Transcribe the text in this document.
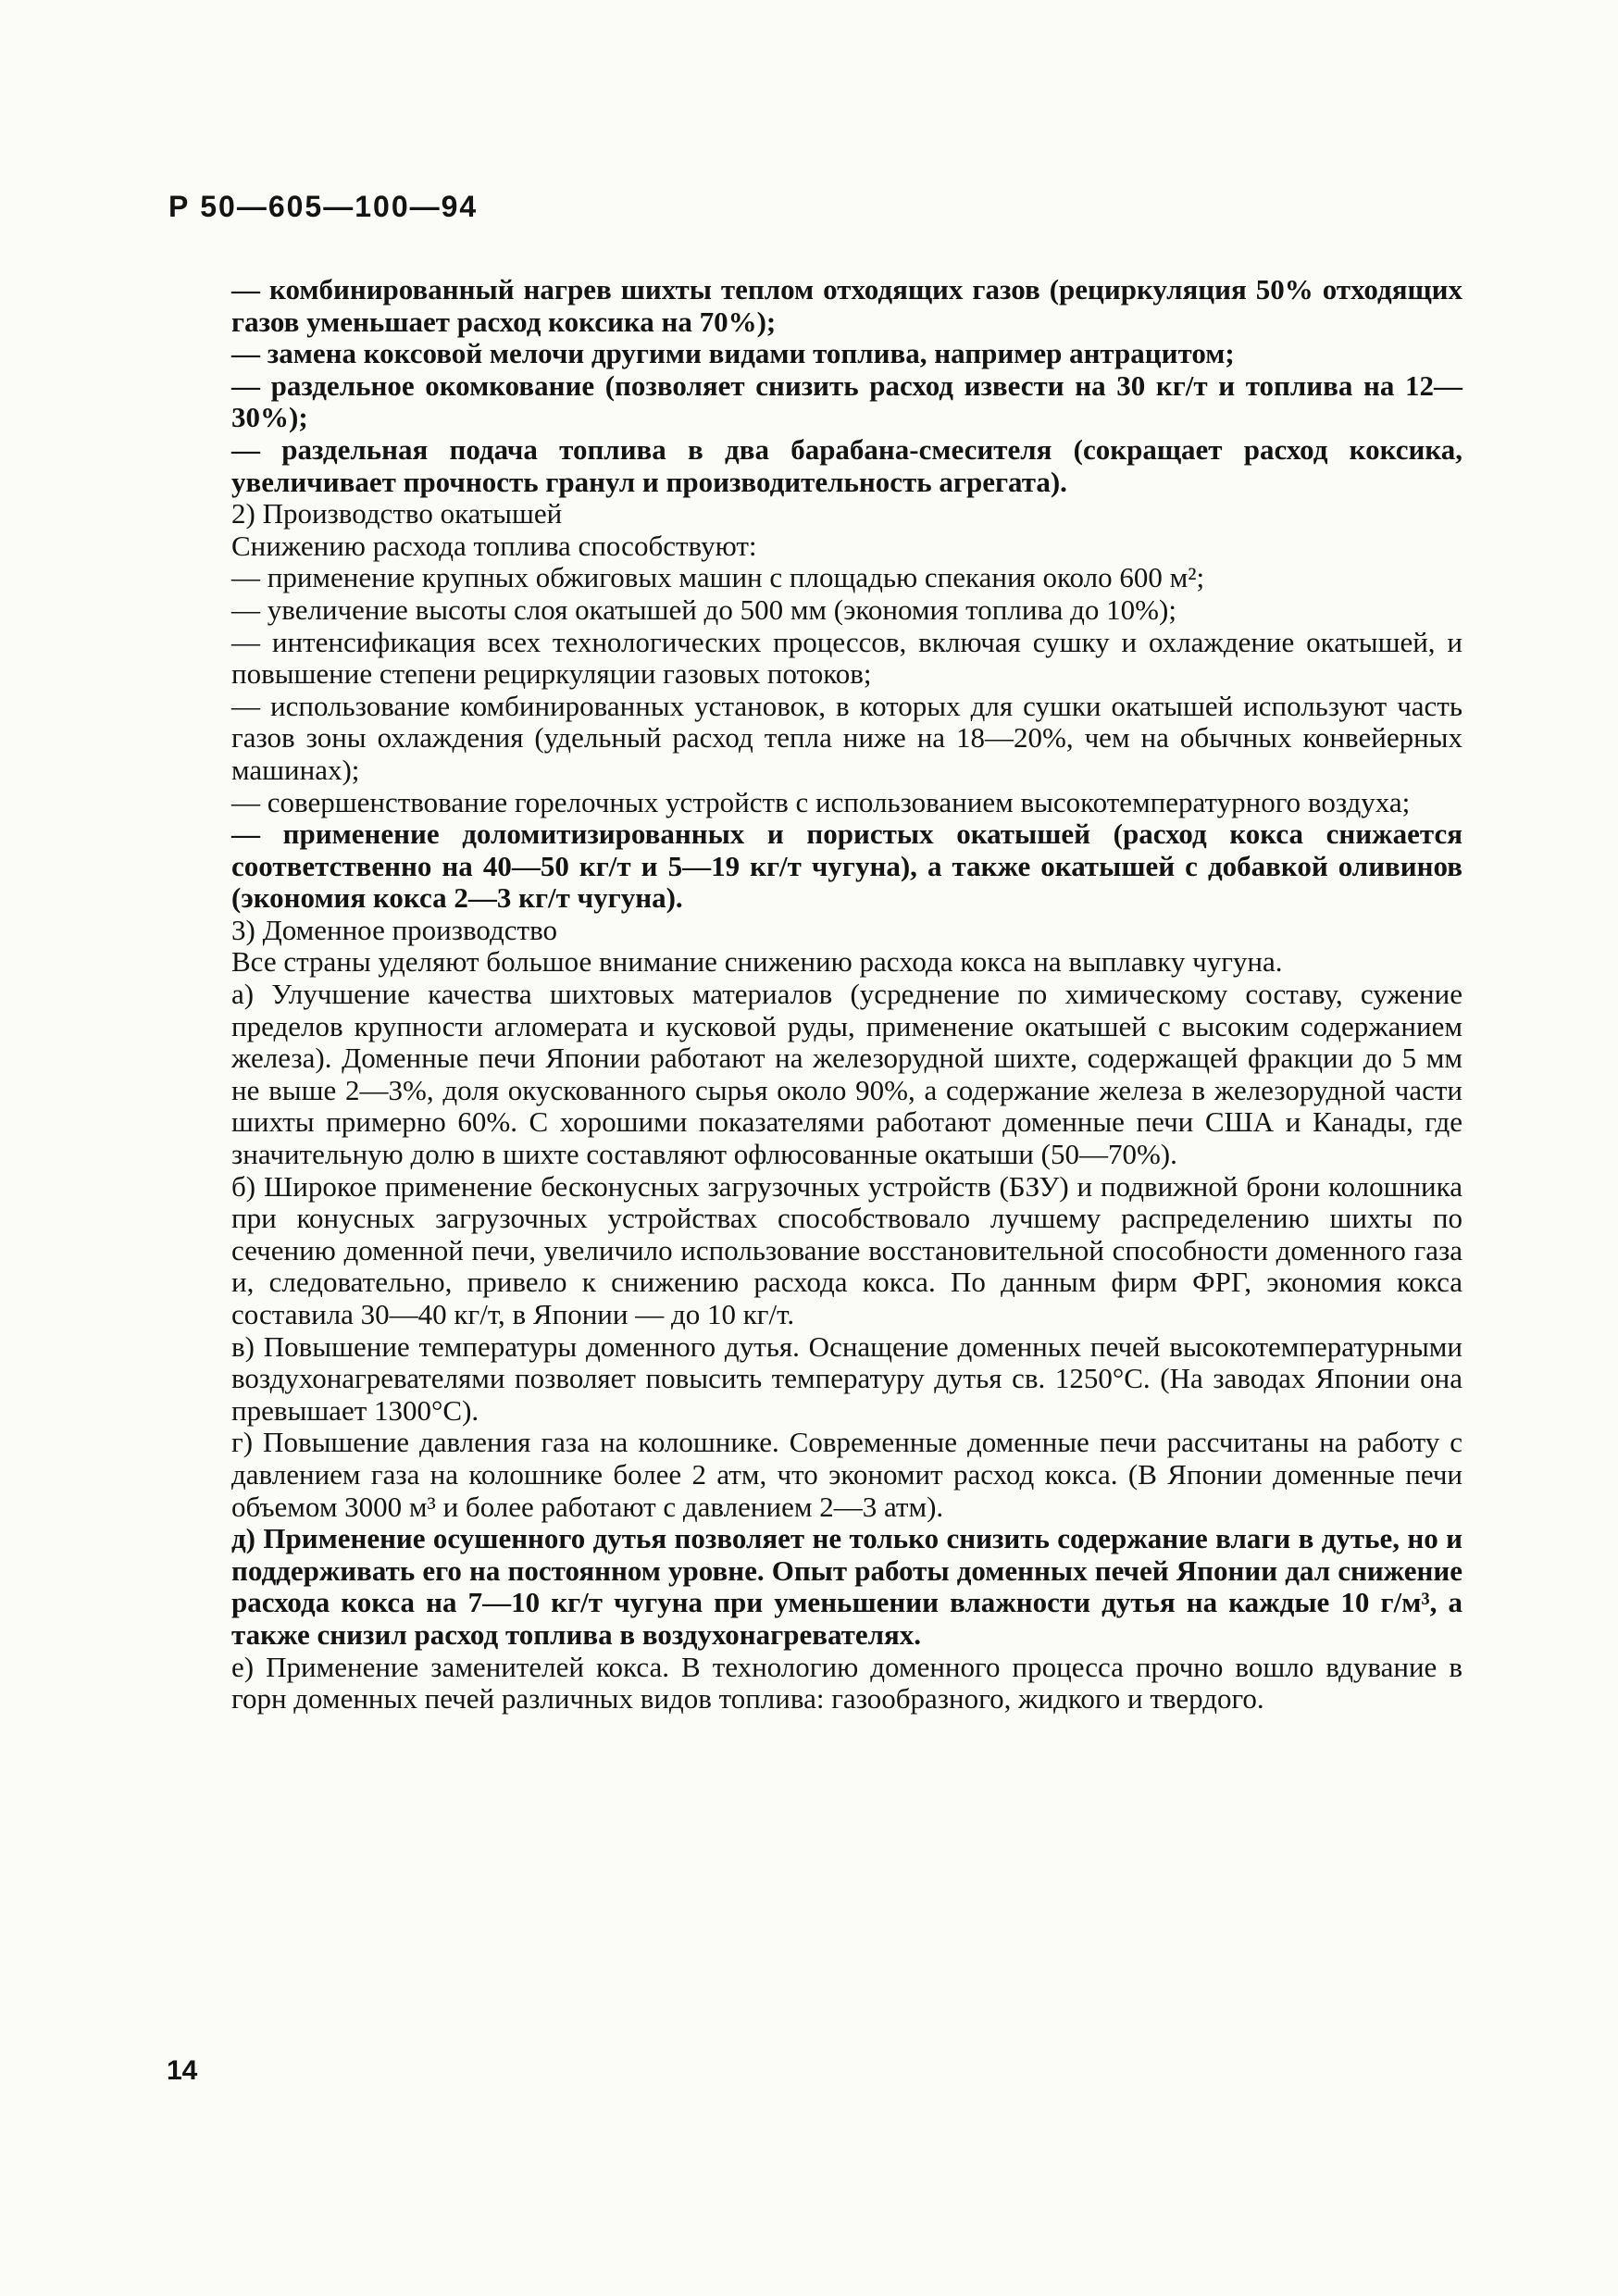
Р 50—605—100—94

— комбинированный нагрев шихты теплом отходящих газов (рециркуляция 50% отходящих газов уменьшает расход коксика на 70%);

— замена коксовой мелочи другими видами топлива, например антрацитом;

— раздельное окомкование (позволяет снизить расход извести на 30 кг/т и топлива на 12—30%);

— раздельная подача топлива в два барабана-смесителя (сокращает расход коксика, увеличивает прочность гранул и производительность агрегата).

2) Производство окатышей

Снижению расхода топлива способствуют:

— применение крупных обжиговых машин с площадью спекания около 600 м²;

— увеличение высоты слоя окатышей до 500 мм (экономия топлива до 10%);

— интенсификация всех технологических процессов, включая сушку и охлаждение окатышей, и повышение степени рециркуляции газовых потоков;

— использование комбинированных установок, в которых для сушки окатышей используют часть газов зоны охлаждения (удельный расход тепла ниже на 18—20%, чем на обычных конвейерных машинах);

— совершенствование горелочных устройств с использованием высокотемпературного воздуха;

— применение доломитизированных и пористых окатышей (расход кокса снижается соответственно на 40—50 кг/т и 5—19 кг/т чугуна), а также окатышей с добавкой оливинов (экономия кокса 2—3 кг/т чугуна).

3) Доменное производство

Все страны уделяют большое внимание снижению расхода кокса на выплавку чугуна.

а) Улучшение качества шихтовых материалов (усреднение по химическому составу, сужение пределов крупности агломерата и кусковой руды, применение окатышей с высоким содержанием железа). Доменные печи Японии работают на железорудной шихте, содержащей фракции до 5 мм не выше 2—3%, доля окускованного сырья около 90%, а содержание железа в железорудной части шихты примерно 60%. С хорошими показателями работают доменные печи США и Канады, где значительную долю в шихте составляют офлюсованные окатыши (50—70%).

б) Широкое применение бесконусных загрузочных устройств (БЗУ) и подвижной брони колошника при конусных загрузочных устройствах способствовало лучшему распределению шихты по сечению доменной печи, увеличило использование восстановительной способности доменного газа и, следовательно, привело к снижению расхода кокса. По данным фирм ФРГ, экономия кокса составила 30—40 кг/т, в Японии — до 10 кг/т.

в) Повышение температуры доменного дутья. Оснащение доменных печей высокотемпературными воздухонагревателями позволяет повысить температуру дутья св. 1250°С. (На заводах Японии она превышает 1300°С).

г) Повышение давления газа на колошнике. Современные доменные печи рассчитаны на работу с давлением газа на колошнике более 2 атм, что экономит расход кокса. (В Японии доменные печи объемом 3000 м³ и более работают с давлением 2—3 атм).

д) Применение осушенного дутья позволяет не только снизить содержание влаги в дутье, но и поддерживать его на постоянном уровне. Опыт работы доменных печей Японии дал снижение расхода кокса на 7—10 кг/т чугуна при уменьшении влажности дутья на каждые 10 г/м³, а также снизил расход топлива в воздухонагревателях.

е) Применение заменителей кокса. В технологию доменного процесса прочно вошло вдувание в горн доменных печей различных видов топлива: газообразного, жидкого и твердого.

14
